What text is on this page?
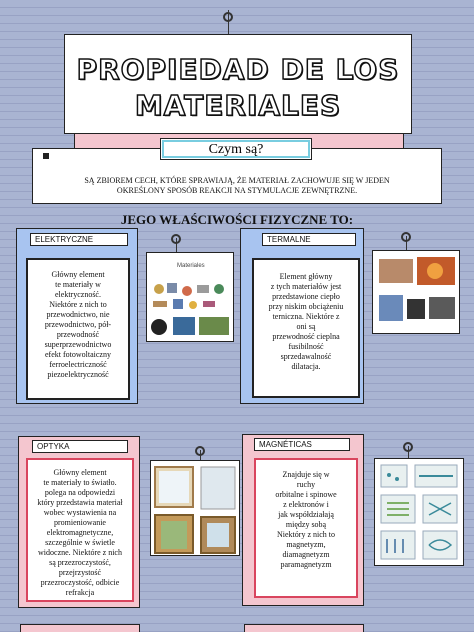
PROPIEDAD DE LOS
MATERIALES
Czym są?
SĄ ZBIOREM CECH, KTÓRE SPRAWIAJĄ, ŻE MATERIAŁ ZACHOWUJE SIĘ W JEDEN
OKREŚLONY SPOSÓB REAKCJI NA STYMULACJE ZEWNĘTRZNE.
JEGO WŁAŚCIWOŚCI FIZYCZNE TO:
ELEKTRYCZNE
Główny element
te materiały w
elektryczność.
Niektóre z nich to
przewodnictwo, nie
przewodnictwo, pół-
przewodność
superprzewodnictwo
efekt fotowoltaiczny
ferroelectriczność
piezoelektryczność
Materiales
TERMALNE
Element główny
z tych materiałów jest
przedstawione ciepło
przy niskim obciążeniu
terniczna. Niektóre z
oni są
przewodność cieplna
fusibilność
sprzedawalność
dilatacja.
OPTYKA
Główny element
te materiały to światło.
polega na odpowiedzi
który przedstawia materiał
wobec wystawienia na
promieniowanie
elektromagnetyczne,
szczególnie w świetle
widoczne. Niektóre z nich
są przezroczystość,
przejrzystość
przezroczystość, odbicie
refrakcja
MAGNÉTICAS
Znajduje się w
ruchy
orbitalne i spinowe
z elektronów i
jak współdziałają
między sobą
Niektóry z nich to
magnetyzm,
diamagnetyzm
paramagnetyzm
